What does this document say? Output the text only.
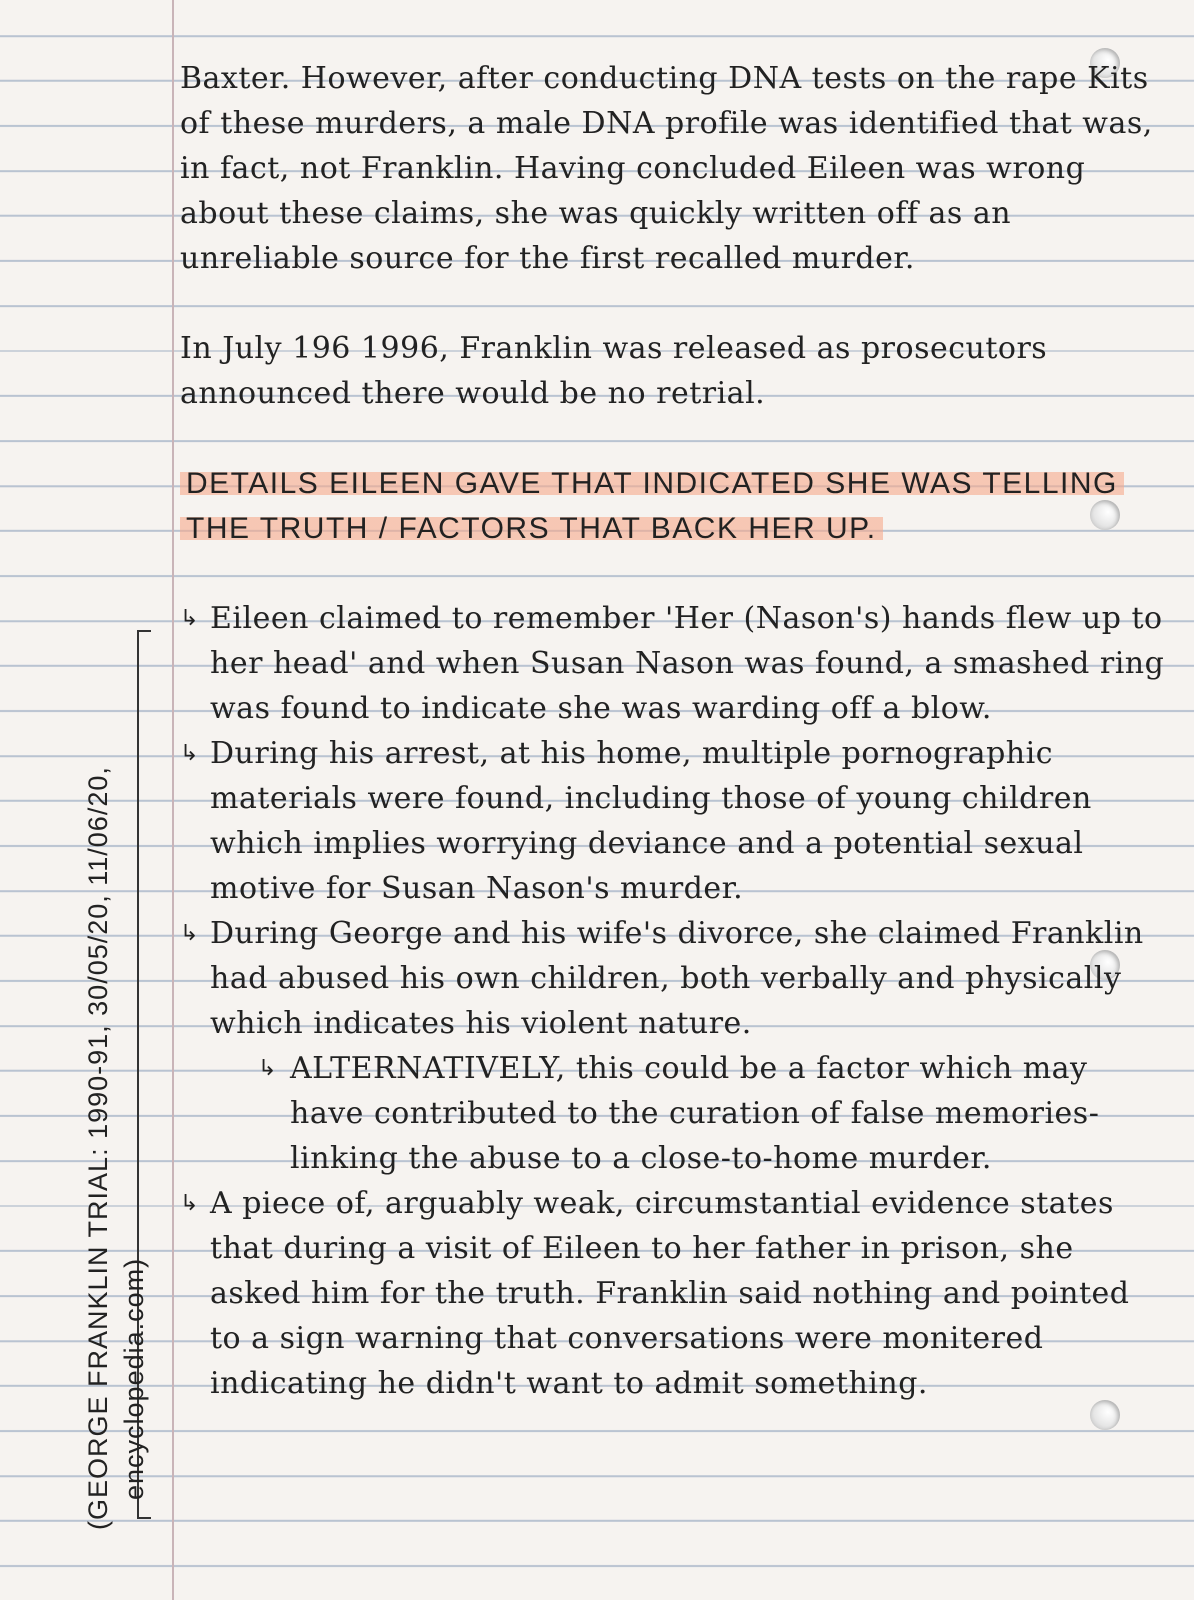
(GEORGE FRANKLIN TRIAL: 1990-91, 30/05/20, 11/06/20, encyclopedia.com)

Baxter. However, after conducting DNA tests on the rape Kits of these murders, a male DNA profile was identified that was, in fact, not Franklin. Having concluded Eileen was wrong about these claims, she was quickly written off as an unreliable source for the first recalled murder.

In July 196 1996, Franklin was released as prosecutors announced there would be no retrial.

DETAILS EILEEN GAVE THAT INDICATED SHE WAS TELLING THE TRUTH / FACTORS THAT BACK HER UP.
↳ Eileen claimed to remember 'Her (Nason's) hands flew up to her head' and when Susan Nason was found, a smashed ring was found to indicate she was warding off a blow.
↳ During his arrest, at his home, multiple pornographic materials were found, including those of young children which implies worrying deviance and a potential sexual motive for Susan Nason's murder.
↳ During George and his wife's divorce, she claimed Franklin had abused his own children, both verbally and physically which indicates his violent nature.
↳ ALTERNATIVELY, this could be a factor which may have contributed to the curation of false memories- linking the abuse to a close-to-home murder.
↳ A piece of, arguably weak, circumstantial evidence states that during a visit of Eileen to her father in prison, she asked him for the truth. Franklin said nothing and pointed to a sign warning that conversations were monitered indicating he didn't want to admit something.
